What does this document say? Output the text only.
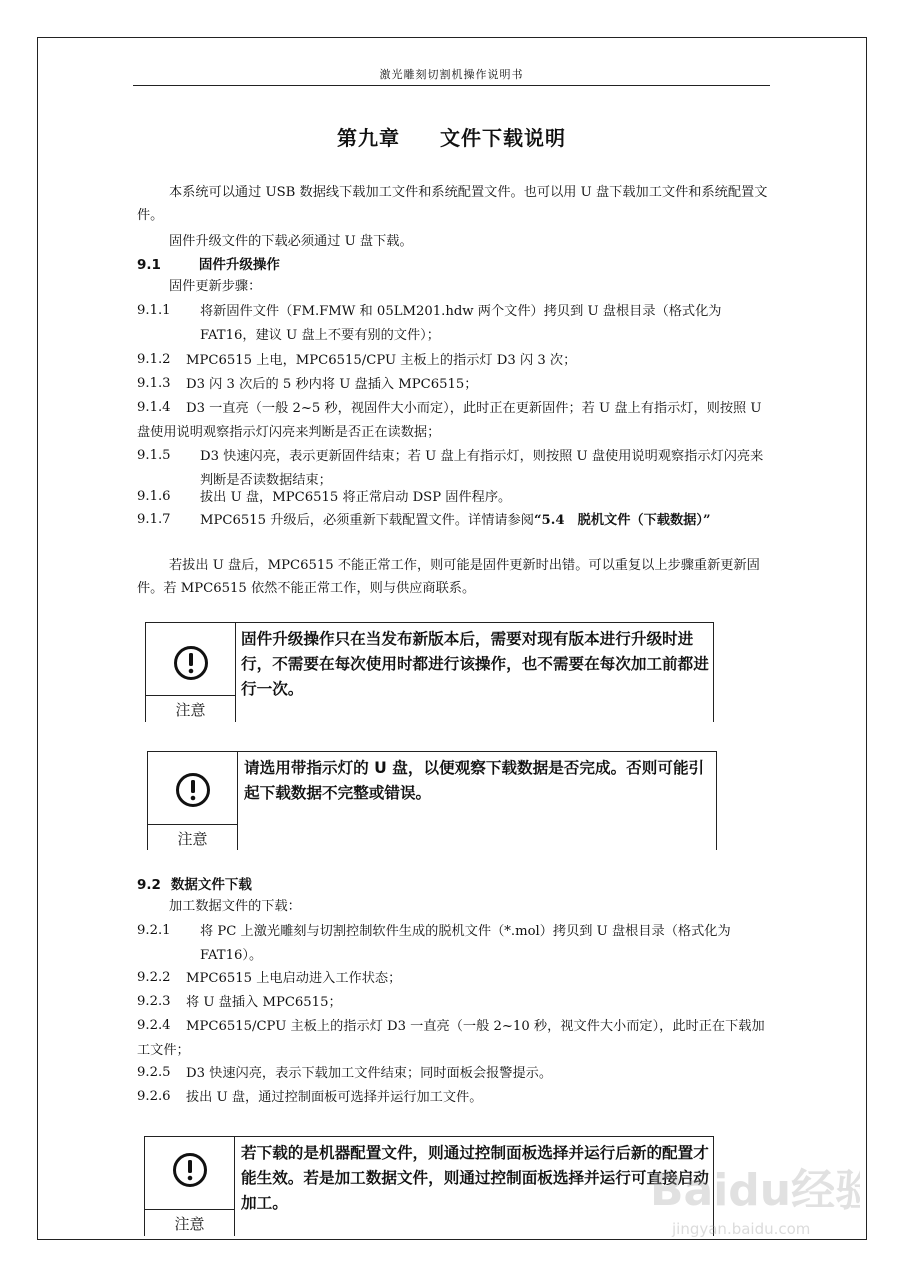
激光雕刻切割机操作说明书
第九章 文件下载说明
本系统可以通过 USB 数据线下载加工文件和系统配置文件。也可以用 U 盘下载加工文件和系统配置文件。
固件升级文件的下载必须通过 U 盘下载。
9.1	固件升级操作
固件更新步骤：
9.1.1 将新固件文件（FM.FMW 和 05LM201.hdw 两个文件）拷贝到 U 盘根目录（格式化为 FAT16，建议 U 盘上不要有别的文件）；
9.1.2 MPC6515 上电，MPC6515/CPU 主板上的指示灯 D3 闪 3 次；
9.1.3 D3 闪 3 次后的 5 秒内将 U 盘插入 MPC6515；
9.1.4	D3 一直亮（一般 2~5 秒，视固件大小而定），此时正在更新固件；若 U 盘上有指示灯，则按照 U 盘使用说明观察指示灯闪亮来判断是否正在读数据；
9.1.5 D3 快速闪亮，表示更新固件结束；若 U 盘上有指示灯，则按照 U 盘使用说明观察指示灯闪亮来判断是否读数据结束；
9.1.6 拔出 U 盘，MPC6515 将正常启动 DSP 固件程序。
9.1.7 MPC6515 升级后，必须重新下载配置文件。详情请参阅“5.4　脱机文件（下载数据）”
若拔出 U 盘后，MPC6515 不能正常工作，则可能是固件更新时出错。可以重复以上步骤重新更新固件。若 MPC6515 依然不能正常工作，则与供应商联系。
注意
固件升级操作只在当发布新版本后，需要对现有版本进行升级时进行，不需要在每次使用时都进行该操作，也不需要在每次加工前都进行一次。
注意
请选用带指示灯的 U 盘，以便观察下载数据是否完成。否则可能引起下载数据不完整或错误。
9.2 数据文件下载
加工数据文件的下载：
9.2.1 将 PC 上激光雕刻与切割控制软件生成的脱机文件（*.mol）拷贝到 U 盘根目录（格式化为 FAT16）。
9.2.2 MPC6515 上电启动进入工作状态；
9.2.3 将 U 盘插入 MPC6515；
9.2.4	MPC6515/CPU 主板上的指示灯 D3 一直亮（一般 2~10 秒，视文件大小而定），此时正在下载加工文件；
9.2.5 D3 快速闪亮，表示下载加工文件结束；同时面板会报警提示。
9.2.6 拔出 U 盘，通过控制面板可选择并运行加工文件。
注意
若下载的是机器配置文件，则通过控制面板选择并运行后新的配置才能生效。若是加工数据文件，则通过控制面板选择并运行可直接启动加工。	Baidu经验
jingyan.baidu.com
